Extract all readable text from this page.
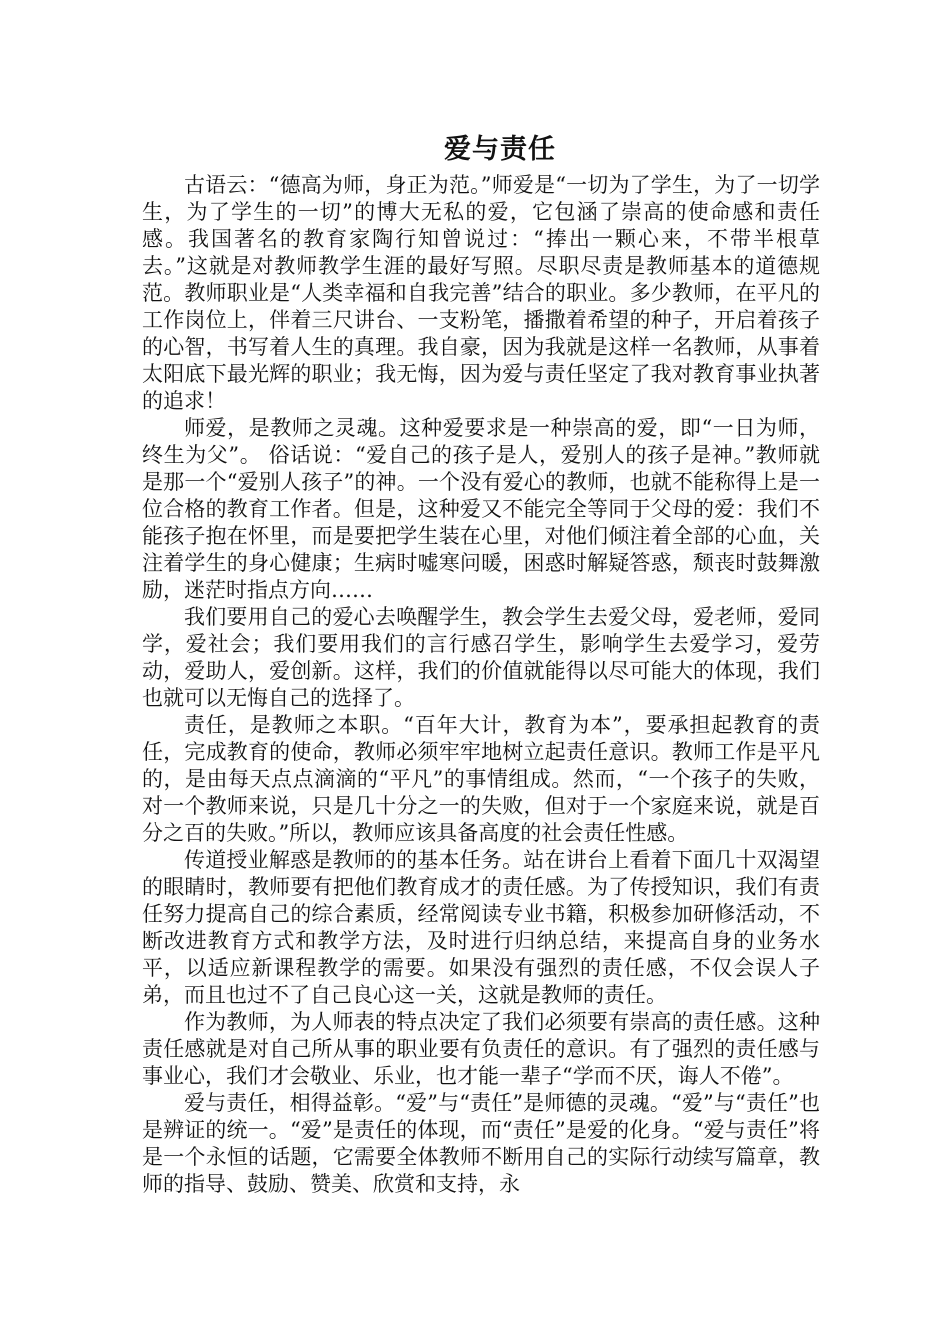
爱与责任

古语云：“德高为师，身正为范。”师爱是“一切为了学生，为了一切学生，为了学生的一切”的博大无私的爱，它包涵了崇高的使命感和责任感。我国著名的教育家陶行知曾说过：“捧出一颗心来，不带半根草去。”这就是对教师教学生涯的最好写照。尽职尽责是教师基本的道德规范。教师职业是“人类幸福和自我完善”结合的职业。多少教师，在平凡的工作岗位上，伴着三尺讲台、一支粉笔，播撒着希望的种子，开启着孩子的心智，书写着人生的真理。我自豪，因为我就是这样一名教师，从事着太阳底下最光辉的职业；我无悔，因为爱与责任坚定了我对教育事业执著的追求！

师爱，是教师之灵魂。这种爱要求是一种崇高的爱，即“一日为师，终生为父”。 俗话说：“爱自己的孩子是人，爱别人的孩子是神。”教师就是那一个“爱别人孩子”的神。一个没有爱心的教师，也就不能称得上是一位合格的教育工作者。但是，这种爱又不能完全等同于父母的爱：我们不能孩子抱在怀里，而是要把学生装在心里，对他们倾注着全部的心血，关注着学生的身心健康；生病时嘘寒问暖，困惑时解疑答惑，颓丧时鼓舞激励，迷茫时指点方向……

我们要用自己的爱心去唤醒学生，教会学生去爱父母，爱老师，爱同学，爱社会；我们要用我们的言行感召学生，影响学生去爱学习，爱劳动，爱助人，爱创新。这样，我们的价值就能得以尽可能大的体现，我们也就可以无悔自己的选择了。

责任，是教师之本职。“百年大计，教育为本”，要承担起教育的责任，完成教育的使命，教师必须牢牢地树立起责任意识。教师工作是平凡的，是由每天点点滴滴的“平凡”的事情组成。然而，“一个孩子的失败，对一个教师来说，只是几十分之一的失败，但对于一个家庭来说，就是百分之百的失败。”所以，教师应该具备高度的社会责任性感。

传道授业解惑是教师的的基本任务。站在讲台上看着下面几十双渴望的眼睛时，教师要有把他们教育成才的责任感。为了传授知识，我们有责任努力提高自己的综合素质，经常阅读专业书籍，积极参加研修活动，不断改进教育方式和教学方法，及时进行归纳总结，来提高自身的业务水平，以适应新课程教学的需要。如果没有强烈的责任感，不仅会误人子弟，而且也过不了自己良心这一关，这就是教师的责任。

作为教师，为人师表的特点决定了我们必须要有崇高的责任感。这种责任感就是对自己所从事的职业要有负责任的意识。有了强烈的责任感与事业心，我们才会敬业、乐业，也才能一辈子“学而不厌，诲人不倦”。

爱与责任，相得益彰。“爱”与“责任”是师德的灵魂。“爱”与“责任”也是辨证的统一。“爱”是责任的体现，而“责任”是爱的化身。“爱与责任”将是一个永恒的话题，它需要全体教师不断用自己的实际行动续写篇章，教师的指导、鼓励、赞美、欣赏和支持，永
